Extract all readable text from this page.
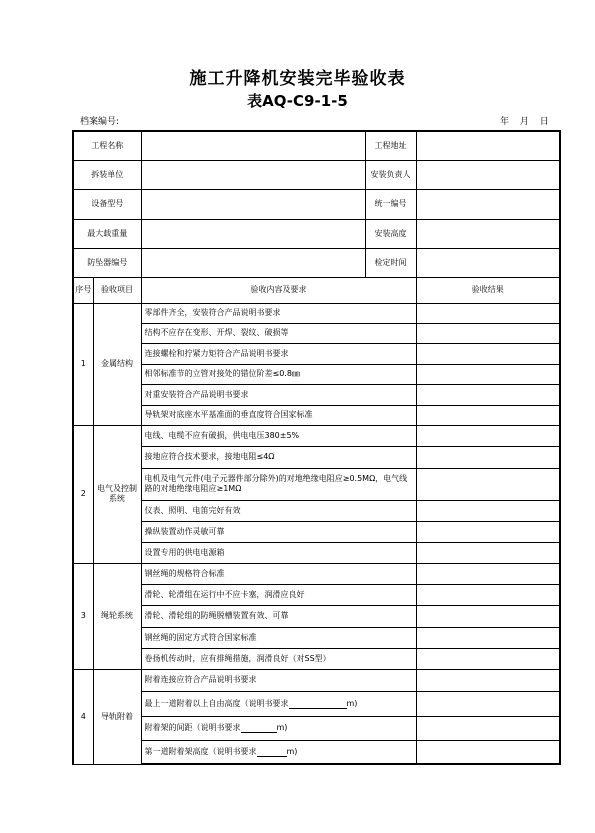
施工升降机安装完毕验收表
表AQ-C9-1-5
档案编号:	年 月 日
工程名称			工程地址	
拆装单位			安装负责人	
设备型号			统一编号	
最大载重量			安装高度	
防坠器编号			检定时间	
序号	验收项目	验收内容及要求		验收结果
1	金属结构	零部件齐全，安装符合产品说明书要求		
		结构不应存在变形、开焊、裂纹、破损等		
		连接螺栓和拧紧力矩符合产品说明书要求		
		相邻标准节的立管对接处的错位阶差≤0.8㎜		
		对重安装符合产品说明书要求		
		导轨架对底座水平基准面的垂直度符合国家标准		
2	电气及控制系统	电线、电缆不应有破损，供电电压380±5%		
		接地应符合技术要求，接地电阻≤4Ω		
		电机及电气元件(电子元器件部分除外)的对地绝缘电阻应≥0.5MΩ，电气线路的对地绝缘电阻应≥1MΩ		
		仪表、照明、电笛完好有效		
		操纵装置动作灵敏可靠		
		设置专用的供电电源箱		
3	绳轮系统	钢丝绳的规格符合标准		
		滑轮、轮滑组在运行中不应卡塞，润滑应良好		
		滑轮、滑轮组的防绳脱槽装置有效、可靠		
		钢丝绳的固定方式符合国家标准		
		卷扬机传动时，应有排绳措施，润滑良好（对SS型）		
4	导轨附着	附着连接应符合产品说明书要求		
		最上一道附着以上自由高度（说明书要求 m)		
		附着架的间距（说明书要求 m)		
		第一道附着架高度（说明书要求 m)		
